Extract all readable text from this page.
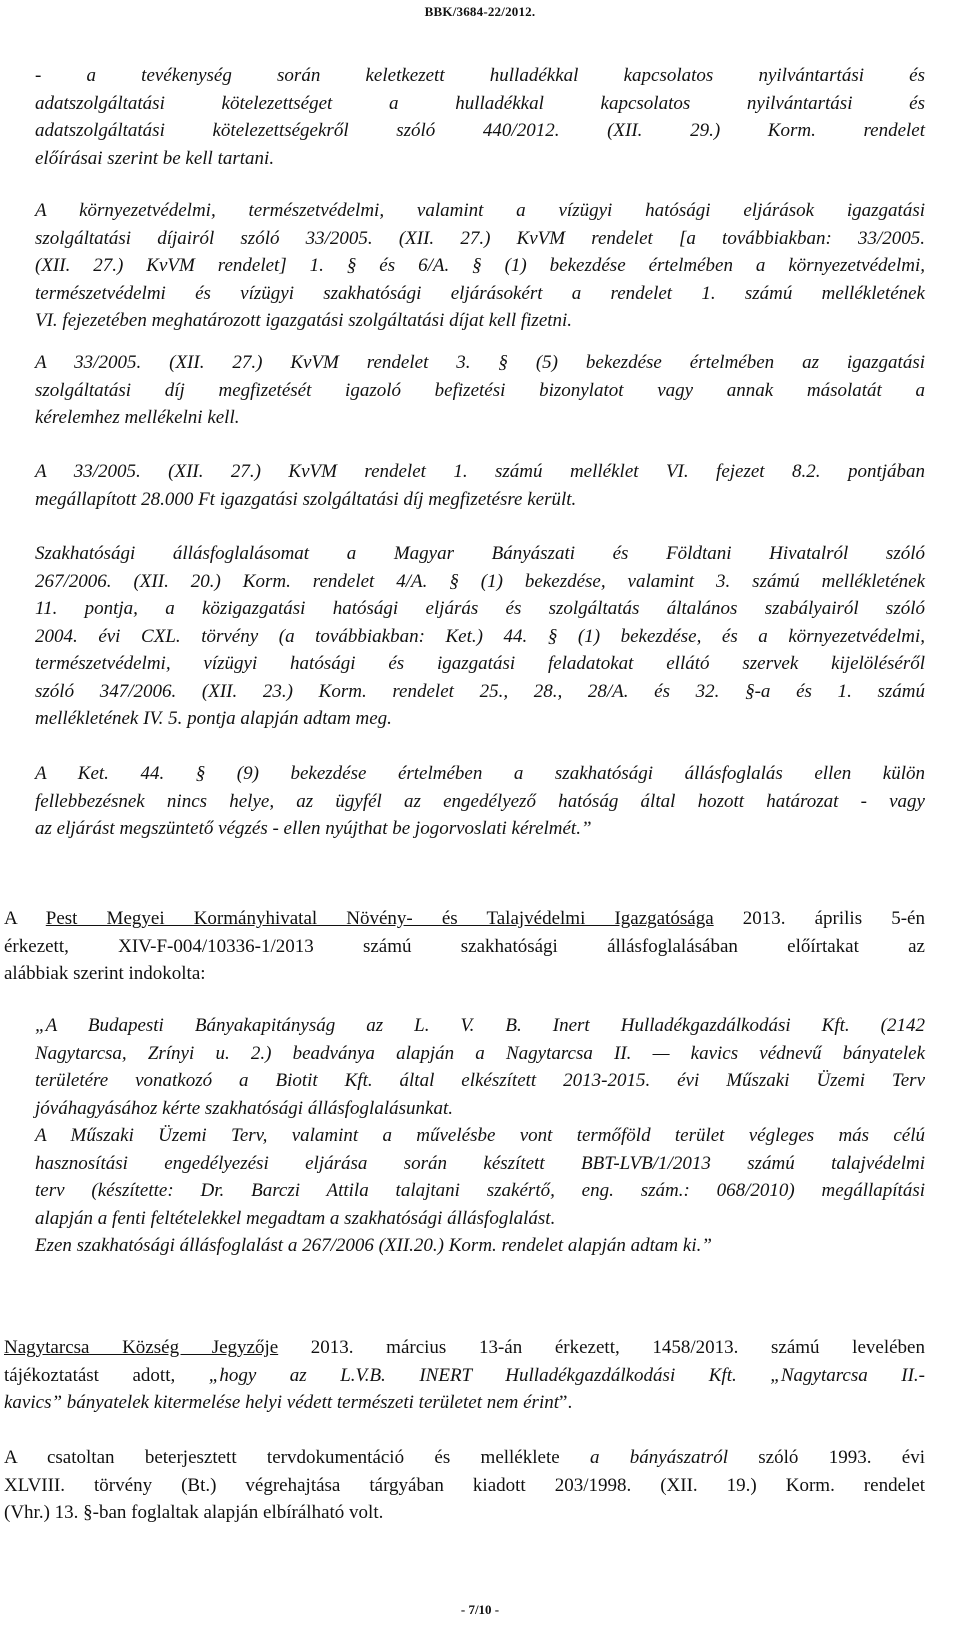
BBK/3684-22/2012.
- a tevékenység során keletkezett hulladékkal kapcsolatos nyilvántartási és
adatszolgáltatási kötelezettséget a hulladékkal kapcsolatos nyilvántartási és
adatszolgáltatási kötelezettségekről szóló 440/2012. (XII. 29.) Korm. rendelet
előírásai szerint be kell tartani.
A környezetvédelmi, természetvédelmi, valamint a vízügyi hatósági eljárások igazgatási
szolgáltatási díjairól szóló 33/2005. (XII. 27.) KvVM rendelet [a továbbiakban: 33/2005.
(XII. 27.) KvVM rendelet] 1. § és 6/A. § (1) bekezdése értelmében a környezetvédelmi,
természetvédelmi és vízügyi szakhatósági eljárásokért a rendelet 1. számú mellékletének
VI. fejezetében meghatározott igazgatási szolgáltatási díjat kell fizetni.
A 33/2005. (XII. 27.) KvVM rendelet 3. § (5) bekezdése értelmében az igazgatási
szolgáltatási díj megfizetését igazoló befizetési bizonylatot vagy annak másolatát a
kérelemhez mellékelni kell.
A 33/2005. (XII. 27.) KvVM rendelet 1. számú melléklet VI. fejezet 8.2. pontjában
megállapított 28.000 Ft igazgatási szolgáltatási díj megfizetésre került.
Szakhatósági állásfoglalásomat a Magyar Bányászati és Földtani Hivatalról szóló
267/2006. (XII. 20.) Korm. rendelet 4/A. § (1) bekezdése, valamint 3. számú mellékletének
11. pontja, a közigazgatási hatósági eljárás és szolgáltatás általános szabályairól szóló
2004. évi CXL. törvény (a továbbiakban: Ket.) 44. § (1) bekezdése, és a környezetvédelmi,
természetvédelmi, vízügyi hatósági és igazgatási feladatokat ellátó szervek kijelöléséről
szóló 347/2006. (XII. 23.) Korm. rendelet 25., 28., 28/A. és 32. §-a és 1. számú
mellékletének IV. 5. pontja alapján adtam meg.
A Ket. 44. § (9) bekezdése értelmében a szakhatósági állásfoglalás ellen külön
fellebbezésnek nincs helye, az ügyfél az engedélyező hatóság által hozott határozat - vagy
az eljárást megszüntető végzés - ellen nyújthat be jogorvoslati kérelmét.”
A Pest Megyei Kormányhivatal Növény- és Talajvédelmi Igazgatósága 2013. április 5-én
érkezett, XIV-F-004/10336-1/2013 számú szakhatósági állásfoglalásában előírtakat az
alábbiak szerint indokolta:
„A Budapesti Bányakapitányság az L. V. B. Inert Hulladékgazdálkodási Kft. (2142
Nagytarcsa, Zrínyi u. 2.) beadványa alapján a Nagytarcsa II. — kavics védnevű bányatelek
területére vonatkozó a Biotit Kft. által elkészített 2013-2015. évi Műszaki Üzemi Terv
jóváhagyásához kérte szakhatósági állásfoglalásunkat.
A Műszaki Üzemi Terv, valamint a művelésbe vont termőföld terület végleges más célú
hasznosítási engedélyezési eljárása során készített BBT-LVB/1/2013 számú talajvédelmi
terv (készítette: Dr. Barczi Attila talajtani szakértő, eng. szám.: 068/2010) megállapítási
alapján a fenti feltételekkel megadtam a szakhatósági állásfoglalást.
Ezen szakhatósági állásfoglalást a 267/2006 (XII.20.) Korm. rendelet alapján adtam ki.”
Nagytarcsa Község Jegyzője 2013. március 13-án érkezett, 1458/2013. számú levelében
tájékoztatást adott, „hogy az L.V.B. INERT Hulladékgazdálkodási Kft. „Nagytarcsa II.-
kavics” bányatelek kitermelése helyi védett természeti területet nem érint”.
A csatoltan beterjesztett tervdokumentáció és melléklete a bányászatról szóló 1993. évi
XLVIII. törvény (Bt.) végrehajtása tárgyában kiadott 203/1998. (XII. 19.) Korm. rendelet
(Vhr.) 13. §-ban foglaltak alapján elbírálható volt.
- 7/10 -
